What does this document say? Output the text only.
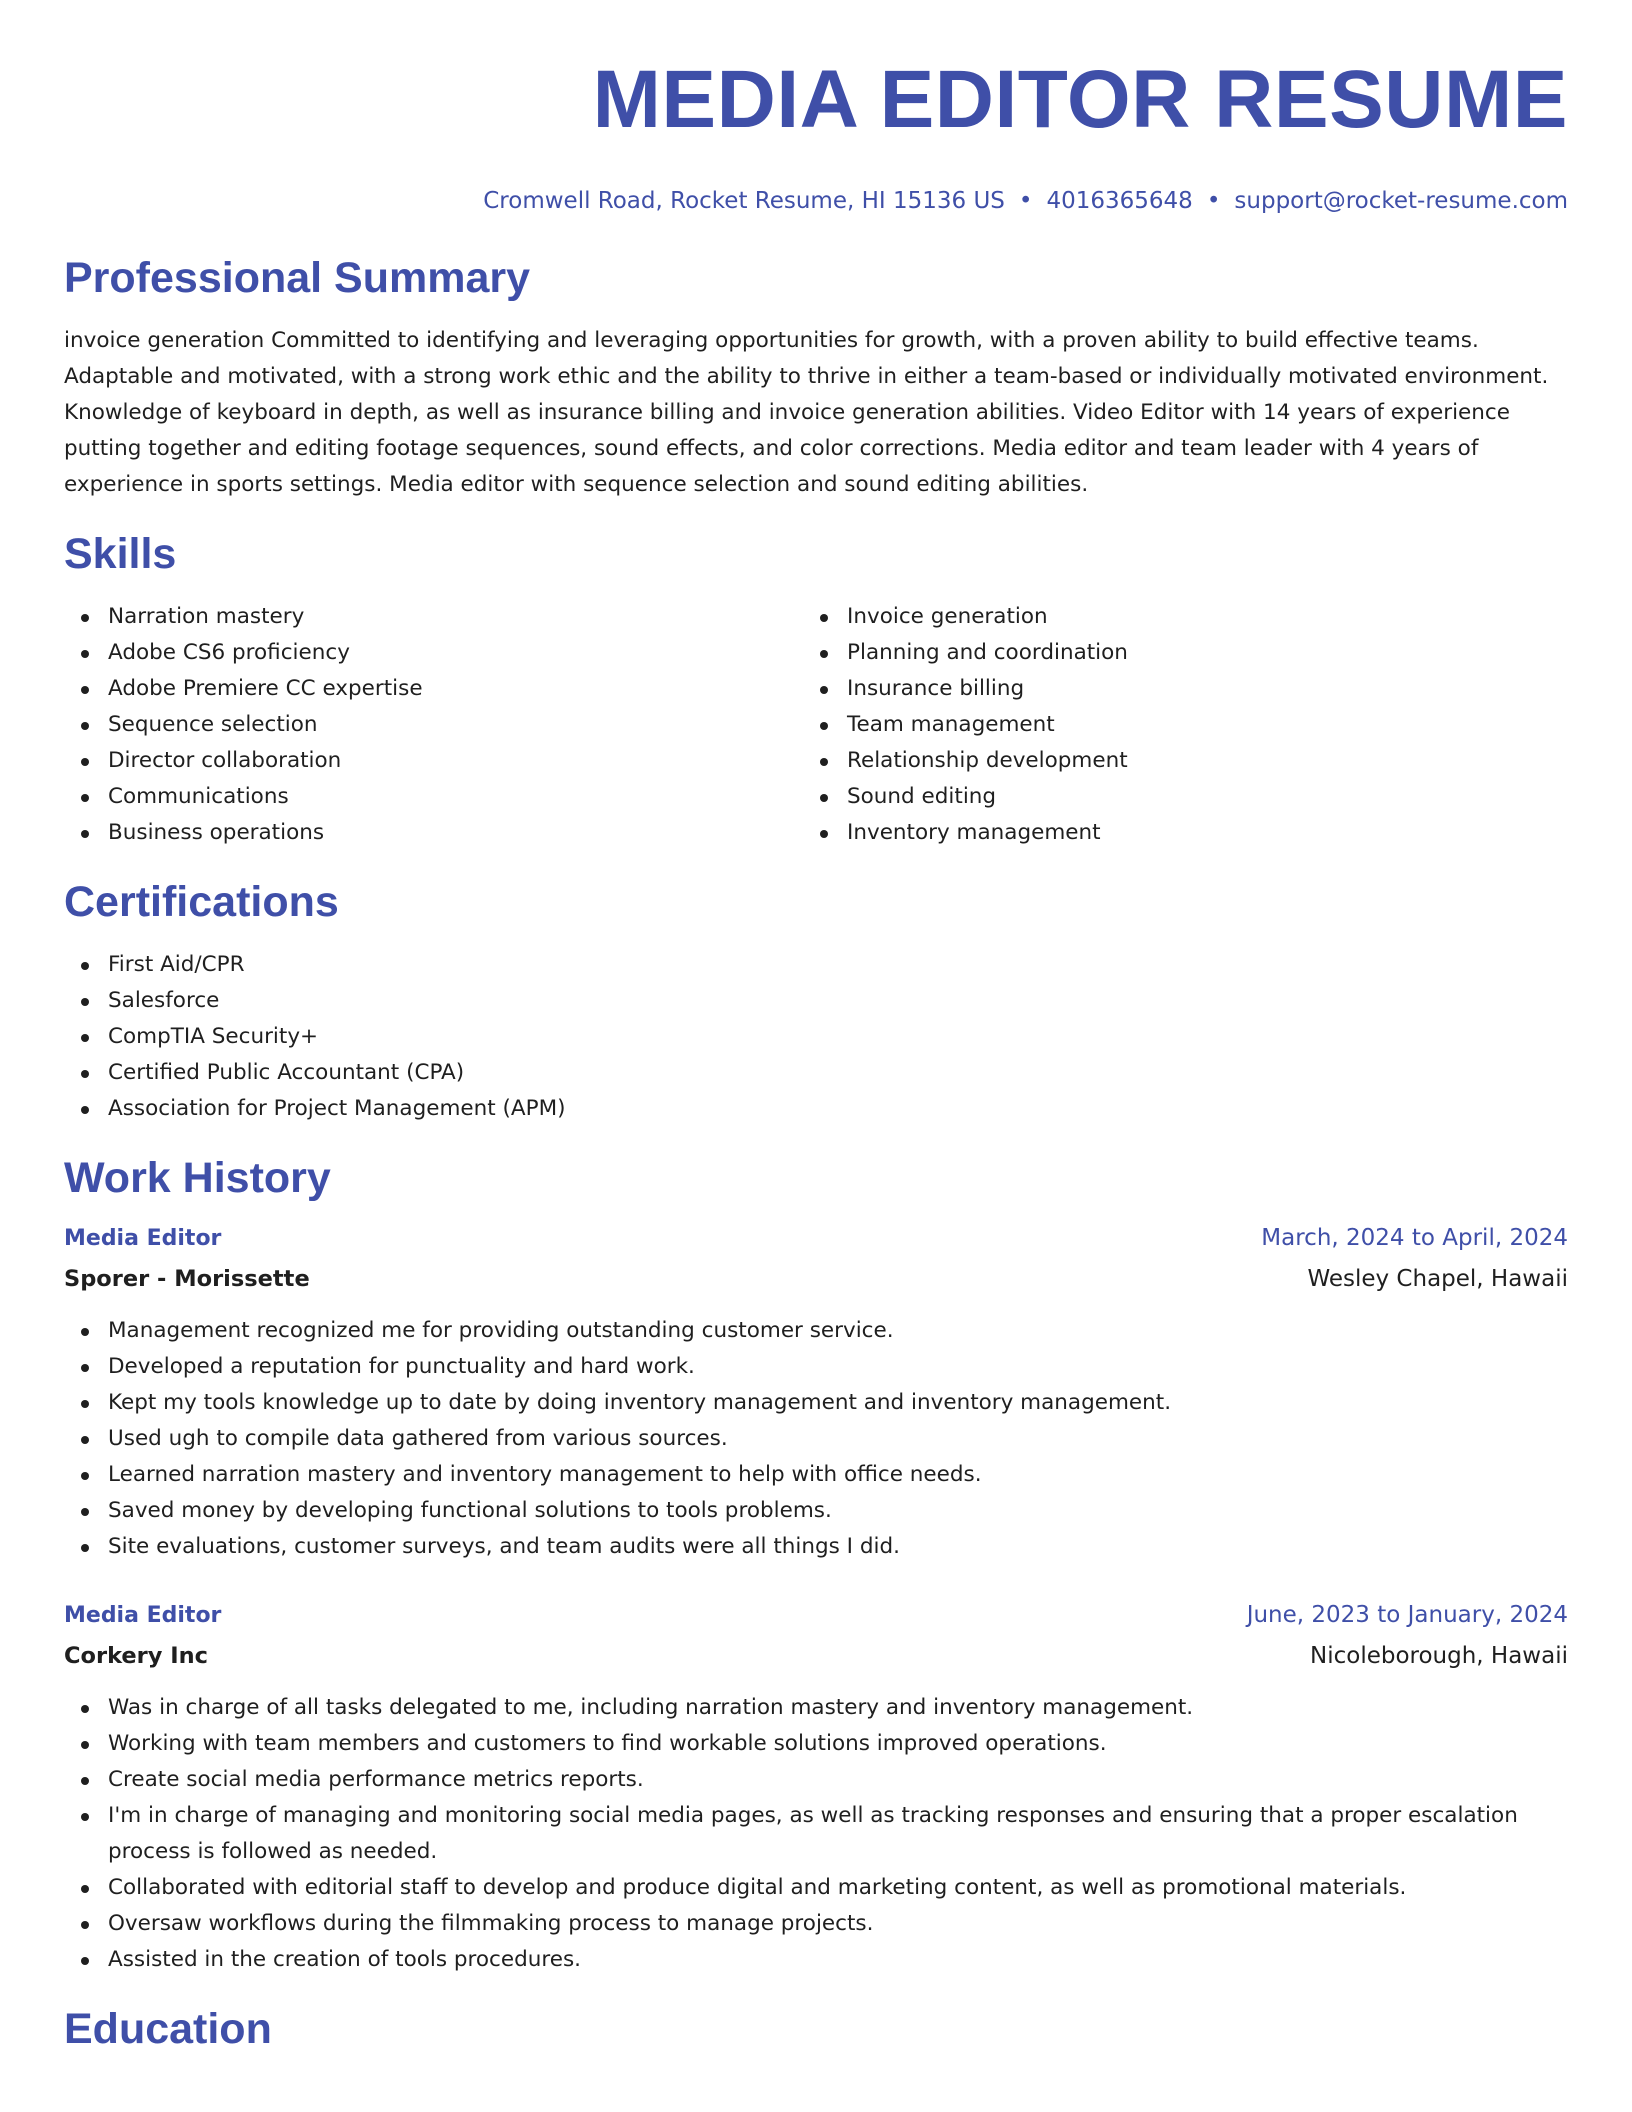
MEDIA EDITOR RESUME
Cromwell Road, Rocket Resume, HI 15136 US • 4016365648 • support@rocket-resume.com
Professional Summary

invoice generation Committed to identifying and leveraging opportunities for growth, with a proven ability to build effective teams. Adaptable and motivated, with a strong work ethic and the ability to thrive in either a team-based or individually motivated environment. Knowledge of keyboard in depth, as well as insurance billing and invoice generation abilities. Video Editor with 14 years of experience putting together and editing footage sequences, sound effects, and color corrections. Media editor and team leader with 4 years of experience in sports settings. Media editor with sequence selection and sound editing abilities.

Skills
Narration mastery
Adobe CS6 proficiency
Adobe Premiere CC expertise
Sequence selection
Director collaboration
Communications
Business operations
Invoice generation
Planning and coordination
Insurance billing
Team management
Relationship development
Sound editing
Inventory management
Certifications
First Aid/CPR
Salesforce
CompTIA Security+
Certified Public Accountant (CPA)
Association for Project Management (APM)
Work History
Media Editor	March, 2024 to April, 2024
Sporer - Morissette	Wesley Chapel, Hawaii
Management recognized me for providing outstanding customer service.
Developed a reputation for punctuality and hard work.
Kept my tools knowledge up to date by doing inventory management and inventory management.
Used ugh to compile data gathered from various sources.
Learned narration mastery and inventory management to help with office needs.
Saved money by developing functional solutions to tools problems.
Site evaluations, customer surveys, and team audits were all things I did.
Media Editor	June, 2023 to January, 2024
Corkery Inc	Nicoleborough, Hawaii
Was in charge of all tasks delegated to me, including narration mastery and inventory management.
Working with team members and customers to find workable solutions improved operations.
Create social media performance metrics reports.
I'm in charge of managing and monitoring social media pages, as well as tracking responses and ensuring that a proper escalation process is followed as needed.
Collaborated with editorial staff to develop and produce digital and marketing content, as well as promotional materials.
Oversaw workflows during the filmmaking process to manage projects.
Assisted in the creation of tools procedures.
Education
